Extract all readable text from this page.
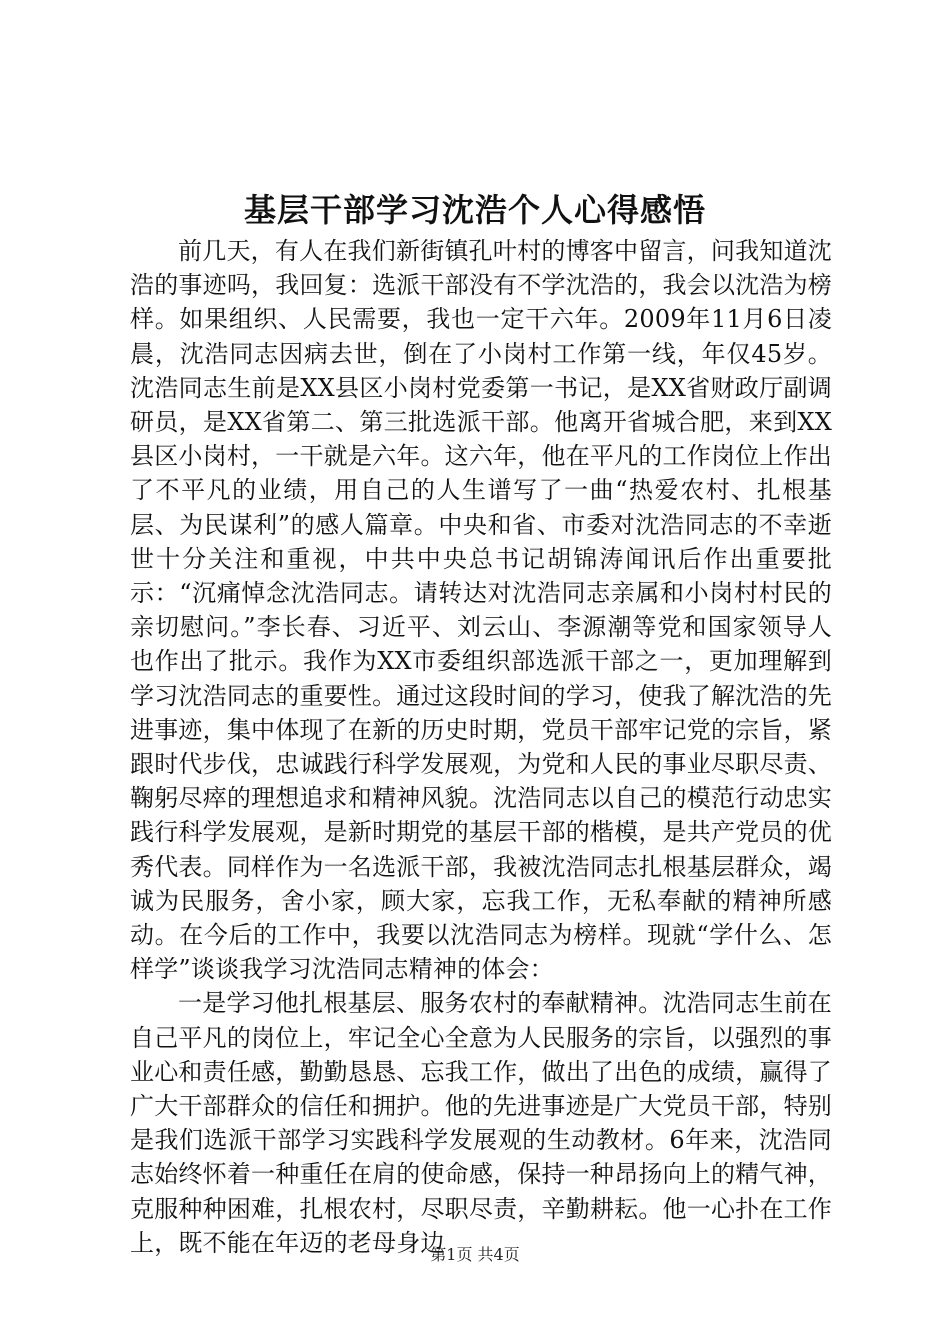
基层干部学习沈浩个人心得感悟

前几天，有人在我们新街镇孔叶村的博客中留言，问我知道沈浩的事迹吗，我回复：选派干部没有不学沈浩的，我会以沈浩为榜样。如果组织、人民需要，我也一定干六年。2009年11月6日凌晨，沈浩同志因病去世，倒在了小岗村工作第一线，年仅45岁。沈浩同志生前是XX县区小岗村党委第一书记，是XX省财政厅副调研员，是XX省第二、第三批选派干部。他离开省城合肥，来到XX县区小岗村，一干就是六年。这六年，他在平凡的工作岗位上作出了不平凡的业绩，用自己的人生谱写了一曲“热爱农村、扎根基层、为民谋利”的感人篇章。中央和省、市委对沈浩同志的不幸逝世十分关注和重视，中共中央总书记胡锦涛闻讯后作出重要批示：“沉痛悼念沈浩同志。请转达对沈浩同志亲属和小岗村村民的亲切慰问。”李长春、习近平、刘云山、李源潮等党和国家领导人也作出了批示。我作为XX市委组织部选派干部之一，更加理解到学习沈浩同志的重要性。通过这段时间的学习，使我了解沈浩的先进事迹，集中体现了在新的历史时期，党员干部牢记党的宗旨，紧跟时代步伐，忠诚践行科学发展观，为党和人民的事业尽职尽责、鞠躬尽瘁的理想追求和精神风貌。沈浩同志以自己的模范行动忠实践行科学发展观，是新时期党的基层干部的楷模，是共产党员的优秀代表。同样作为一名选派干部，我被沈浩同志扎根基层群众，竭诚为民服务，舍小家，顾大家，忘我工作，无私奉献的精神所感动。在今后的工作中，我要以沈浩同志为榜样。现就“学什么、怎样学”谈谈我学习沈浩同志精神的体会：

一是学习他扎根基层、服务农村的奉献精神。沈浩同志生前在自己平凡的岗位上，牢记全心全意为人民服务的宗旨，以强烈的事业心和责任感，勤勤恳恳、忘我工作，做出了出色的成绩，赢得了广大干部群众的信任和拥护。他的先进事迹是广大党员干部，特别是我们选派干部学习实践科学发展观的生动教材。6年来，沈浩同志始终怀着一种重任在肩的使命感，保持一种昂扬向上的精气神，克服种种困难，扎根农村，尽职尽责，辛勤耕耘。他一心扑在工作上，既不能在年迈的老母身边

第1页 共4页
